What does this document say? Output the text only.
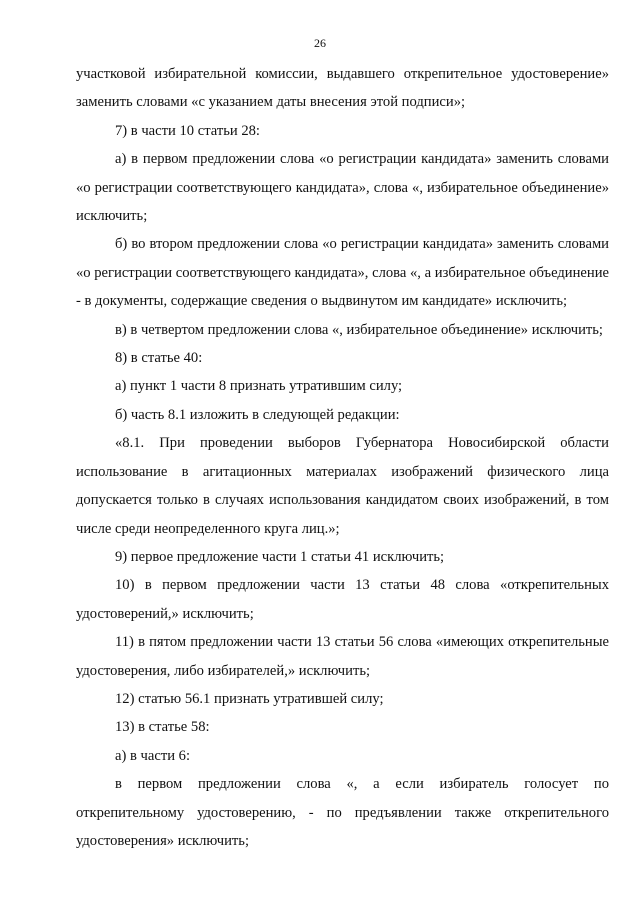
26

участковой избирательной комиссии, выдавшего открепительное удостоверение» заменить словами «с указанием даты внесения этой подписи»;

7) в части 10 статьи 28:

а) в первом предложении слова «о регистрации кандидата» заменить словами «о регистрации соответствующего кандидата», слова «, избирательное объединение» исключить;

б) во втором предложении слова «о регистрации кандидата» заменить словами «о регистрации соответствующего кандидата», слова «, а избирательное объединение - в документы, содержащие сведения о выдвинутом им кандидате» исключить;

в) в четвертом предложении слова «, избирательное объединение» исключить;

8) в статье 40:

а) пункт 1 части 8 признать утратившим силу;

б) часть 8.1 изложить в следующей редакции:

«8.1. При проведении выборов Губернатора Новосибирской области использование в агитационных материалах изображений физического лица допускается только в случаях использования кандидатом своих изображений, в том числе среди неопределенного круга лиц.»;

9) первое предложение части 1 статьи 41 исключить;

10) в первом предложении части 13 статьи 48 слова «открепительных удостоверений,» исключить;

11) в пятом предложении части 13 статьи 56 слова «имеющих открепительные удостоверения, либо избирателей,» исключить;

12) статью 56.1 признать утратившей силу;

13) в статье 58:

а) в части 6:

в первом предложении слова «, а если избиратель голосует по открепительному удостоверению, - по предъявлении также открепительного удостоверения» исключить;
